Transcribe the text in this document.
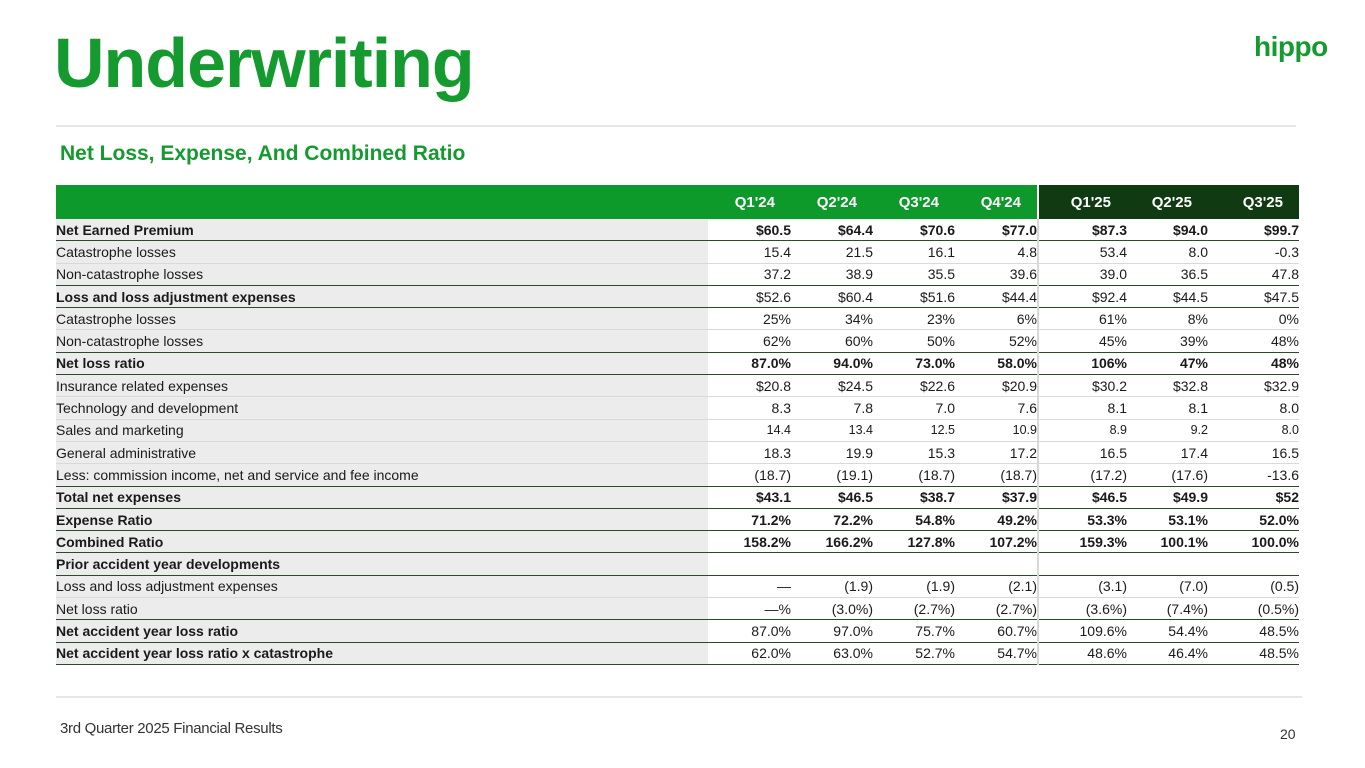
Underwriting	hippo
Net Loss, Expense, And Combined Ratio
	Q1'24	Q2'24	Q3'24	Q4'24	Q1'25	Q2'25	Q3'25
Net Earned Premium	$60.5	$64.4	$70.6	$77.0	$87.3	$94.0	$99.7
Catastrophe losses	15.4	21.5	16.1	4.8	53.4	8.0	-0.3
Non-catastrophe losses	37.2	38.9	35.5	39.6	39.0	36.5	47.8
Loss and loss adjustment expenses	$52.6	$60.4	$51.6	$44.4	$92.4	$44.5	$47.5
Catastrophe losses	25%	34%	23%	6%	61%	8%	0%
Non-catastrophe losses	62%	60%	50%	52%	45%	39%	48%
Net loss ratio	87.0%	94.0%	73.0%	58.0%	106%	47%	48%
Insurance related expenses	$20.8	$24.5	$22.6	$20.9	$30.2	$32.8	$32.9
Technology and development	8.3	7.8	7.0	7.6	8.1	8.1	8.0
Sales and marketing	14.4	13.4	12.5	10.9	8.9	9.2	8.0
General administrative	18.3	19.9	15.3	17.2	16.5	17.4	16.5
Less: commission income, net and service and fee income	(18.7)	(19.1)	(18.7)	(18.7)	(17.2)	(17.6)	-13.6
Total net expenses	$43.1	$46.5	$38.7	$37.9	$46.5	$49.9	$52
Expense Ratio	71.2%	72.2%	54.8%	49.2%	53.3%	53.1%	52.0%
Combined Ratio	158.2%	166.2%	127.8%	107.2%	159.3%	100.1%	100.0%
Prior accident year developments							
Loss and loss adjustment expenses	—	(1.9)	(1.9)	(2.1)	(3.1)	(7.0)	(0.5)
Net loss ratio	—%	(3.0%)	(2.7%)	(2.7%)	(3.6%)	(7.4%)	(0.5%)
Net accident year loss ratio	87.0%	97.0%	75.7%	60.7%	109.6%	54.4%	48.5%
Net accident year loss ratio x catastrophe	62.0%	63.0%	52.7%	54.7%	48.6%	46.4%	48.5%
3rd Quarter 2025 Financial Results	20
